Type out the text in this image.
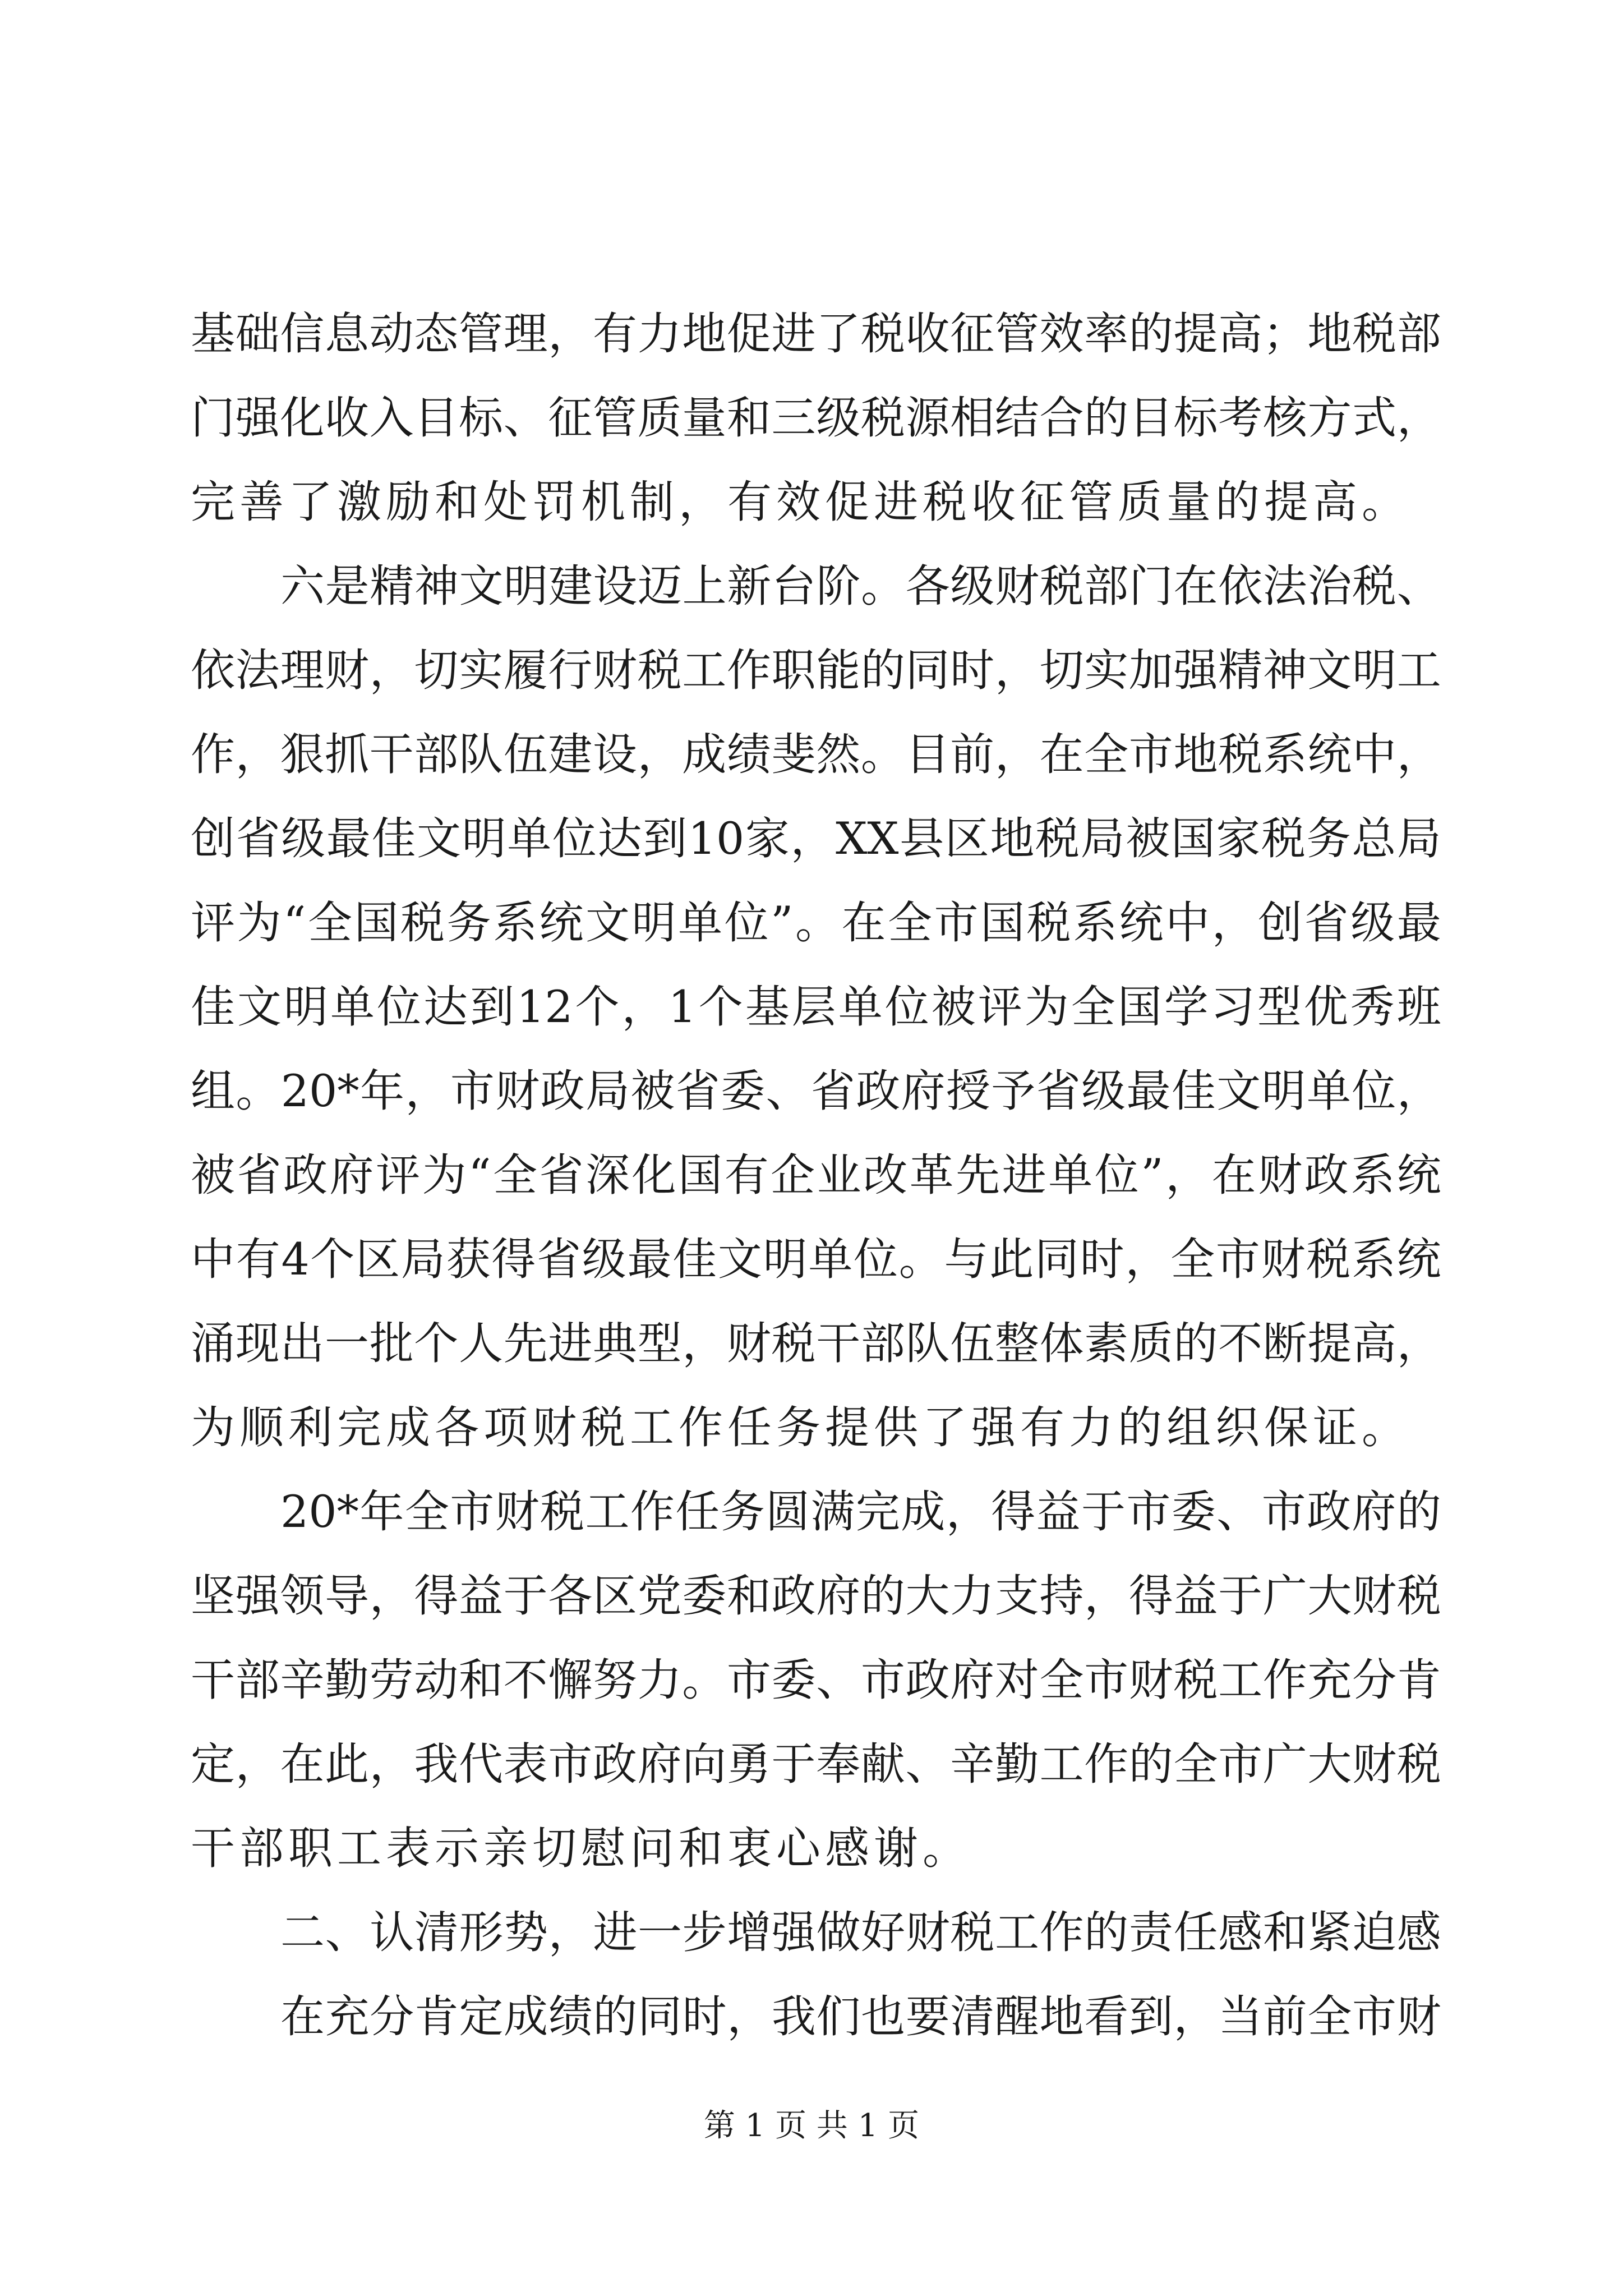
基 础 信 息 动 态 管 理 ， 有 力 地 促 进 了 税 收 征 管 效 率 的 提 高 ； 地 税 部
门 强 化 收 入 目 标 、 征 管 质 量 和 三 级 税 源 相 结 合 的 目 标 考 核 方 式 ，
完 善 了 激 励 和 处 罚 机 制 ， 有 效 促 进 税 收 征 管 质 量 的 提 高 。
六 是 精 神 文 明 建 设 迈 上 新 台 阶 。 各 级 财 税 部 门 在 依 法 治 税 、
依 法 理 财 ， 切 实 履 行 财 税 工 作 职 能 的 同 时 ， 切 实 加 强 精 神 文 明 工
作 ， 狠 抓 干 部 队 伍 建 设 ， 成 绩 斐 然 。 目 前 ， 在 全 市 地 税 系 统 中 ，
创 省 级 最 佳 文 明 单 位 达 到 10 家 ， XX 县 区 地 税 局 被 国 家 税 务 总 局
评 为 “ 全 国 税 务 系 统 文 明 单 位 ” 。 在 全 市 国 税 系 统 中 ， 创 省 级 最
佳 文 明 单 位 达 到 12 个 ， 1 个 基 层 单 位 被 评 为 全 国 学 习 型 优 秀 班
组 。 20* 年 ， 市 财 政 局 被 省 委 、 省 政 府 授 予 省 级 最 佳 文 明 单 位 ，
被 省 政 府 评 为 “ 全 省 深 化 国 有 企 业 改 革 先 进 单 位 ” ， 在 财 政 系 统
中 有 4 个 区 局 获 得 省 级 最 佳 文 明 单 位 。 与 此 同 时 ， 全 市 财 税 系 统
涌 现 出 一 批 个 人 先 进 典 型 ， 财 税 干 部 队 伍 整 体 素 质 的 不 断 提 高 ，
为 顺 利 完 成 各 项 财 税 工 作 任 务 提 供 了 强 有 力 的 组 织 保 证 。
20* 年 全 市 财 税 工 作 任 务 圆 满 完 成 ， 得 益 于 市 委 、 市 政 府 的
坚 强 领 导 ， 得 益 于 各 区 党 委 和 政 府 的 大 力 支 持 ， 得 益 于 广 大 财 税
干 部 辛 勤 劳 动 和 不 懈 努 力 。 市 委 、 市 政 府 对 全 市 财 税 工 作 充 分 肯
定 ， 在 此 ， 我 代 表 市 政 府 向 勇 于 奉 献 、 辛 勤 工 作 的 全 市 广 大 财 税
干 部 职 工 表 示 亲 切 慰 问 和 衷 心 感 谢 。
二 、 认 清 形 势 ， 进 一 步 增 强 做 好 财 税 工 作 的 责 任 感 和 紧 迫 感
在 充 分 肯 定 成 绩 的 同 时 ， 我 们 也 要 清 醒 地 看 到 ， 当 前 全 市 财
第 1 页 共 1 页
